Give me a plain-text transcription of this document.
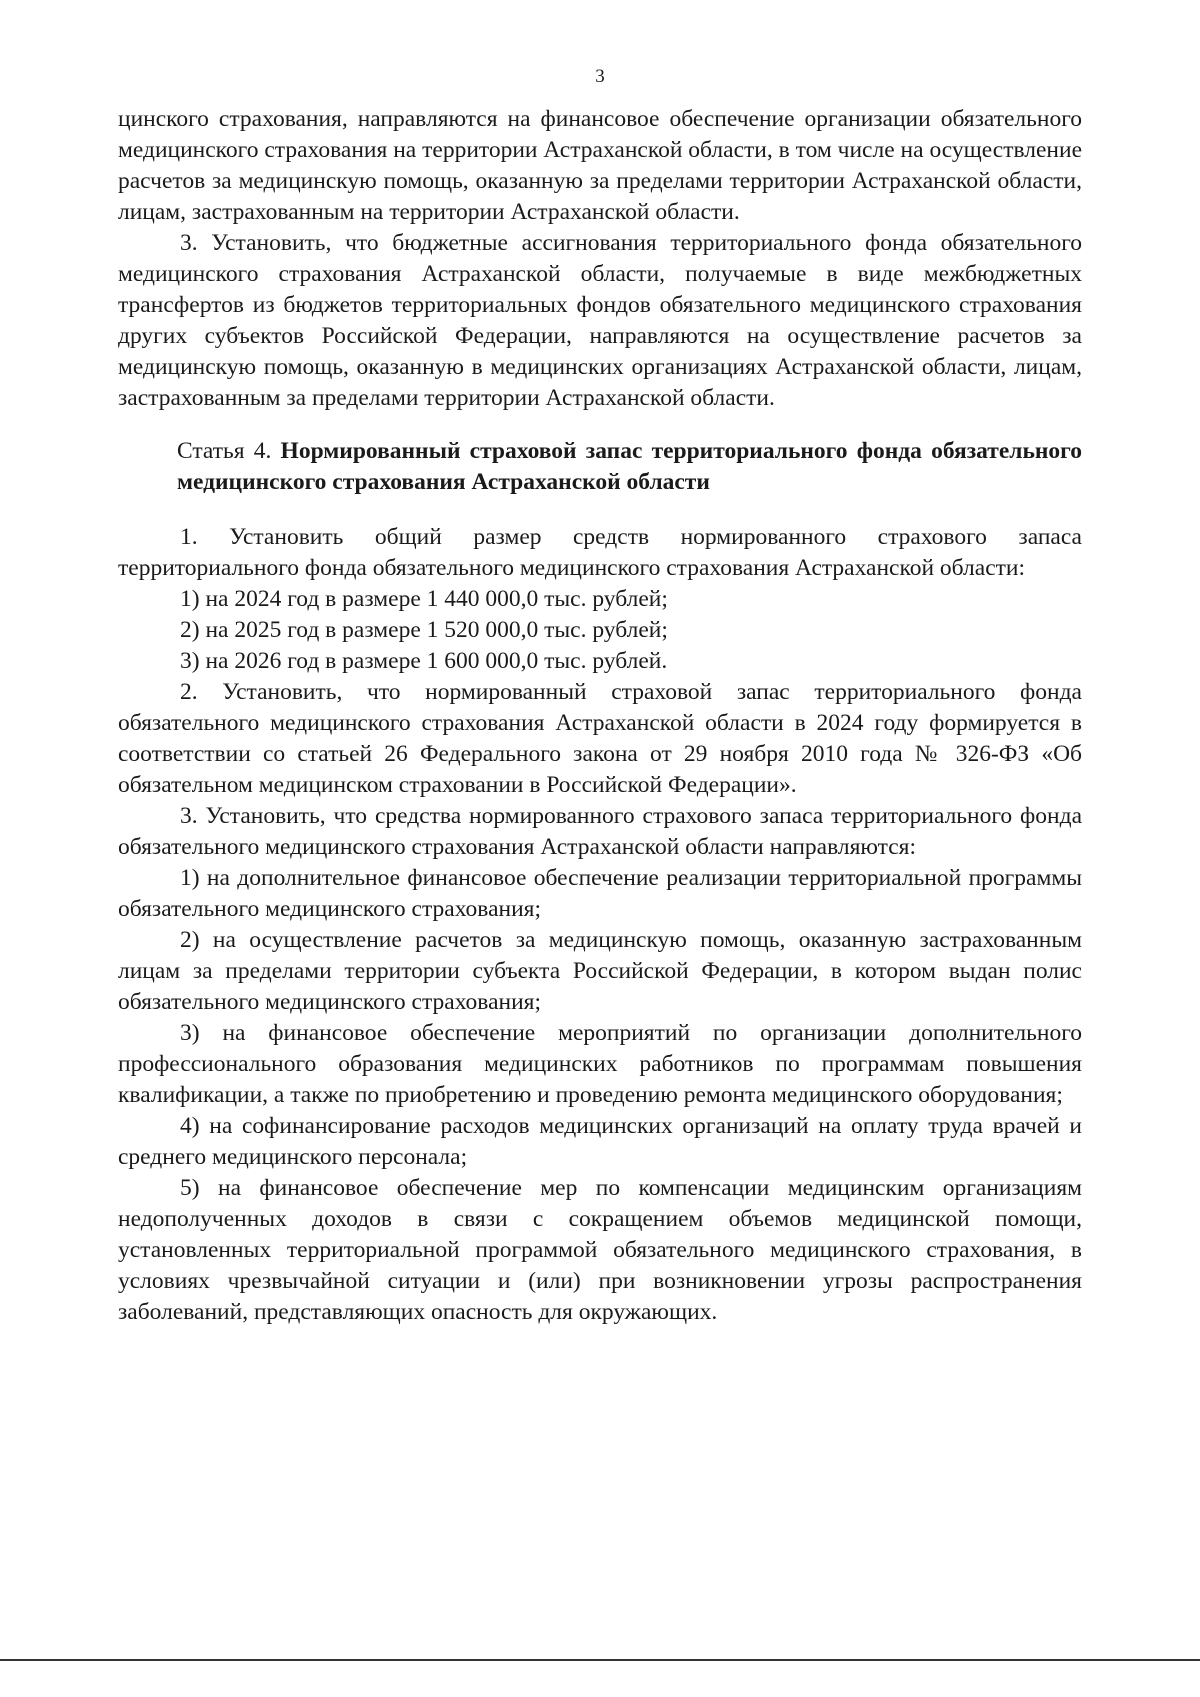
3

цинского страхования, направляются на финансовое обеспечение организации обязательного медицинского страхования на территории Астраханской области, в том числе на осуществление расчетов за медицинскую помощь, оказанную за пределами территории Астраханской области, лицам, застрахованным на территории Астраханской области.

3. Установить, что бюджетные ассигнования территориального фонда обязательного медицинского страхования Астраханской области, получаемые в виде межбюджетных трансфертов из бюджетов территориальных фондов обязательного медицинского страхования других субъектов Российской Федерации, направляются на осуществление расчетов за медицинскую помощь, оказанную в медицинских организациях Астраханской области, лицам, застрахованным за пределами территории Астраханской области.

Статья 4. Нормированный страховой запас территориального фонда обязательного медицинского страхования Астраханской области

1. Установить общий размер средств нормированного страхового запаса территориального фонда обязательного медицинского страхования Астраханской области:

1) на 2024 год в размере 1 440 000,0 тыс. рублей;

2) на 2025 год в размере 1 520 000,0 тыс. рублей;

3) на 2026 год в размере 1 600 000,0 тыс. рублей.

2. Установить, что нормированный страховой запас территориального фонда обязательного медицинского страхования Астраханской области в 2024 году формируется в соответствии со статьей 26 Федерального закона от 29 ноября 2010 года № 326-ФЗ «Об обязательном медицинском страховании в Российской Федерации».

3. Установить, что средства нормированного страхового запаса территориального фонда обязательного медицинского страхования Астраханской области направляются:

1) на дополнительное финансовое обеспечение реализации территориальной программы обязательного медицинского страхования;

2) на осуществление расчетов за медицинскую помощь, оказанную застрахованным лицам за пределами территории субъекта Российской Федерации, в котором выдан полис обязательного медицинского страхования;

3) на финансовое обеспечение мероприятий по организации дополнительного профессионального образования медицинских работников по программам повышения квалификации, а также по приобретению и проведению ремонта медицинского оборудования;

4) на софинансирование расходов медицинских организаций на оплату труда врачей и среднего медицинского персонала;

5) на финансовое обеспечение мер по компенсации медицинским организациям недополученных доходов в связи с сокращением объемов медицинской помощи, установленных территориальной программой обязательного медицинского страхования, в условиях чрезвычайной ситуации и (или) при возникновении угрозы распространения заболеваний, представляющих опасность для окружающих.
